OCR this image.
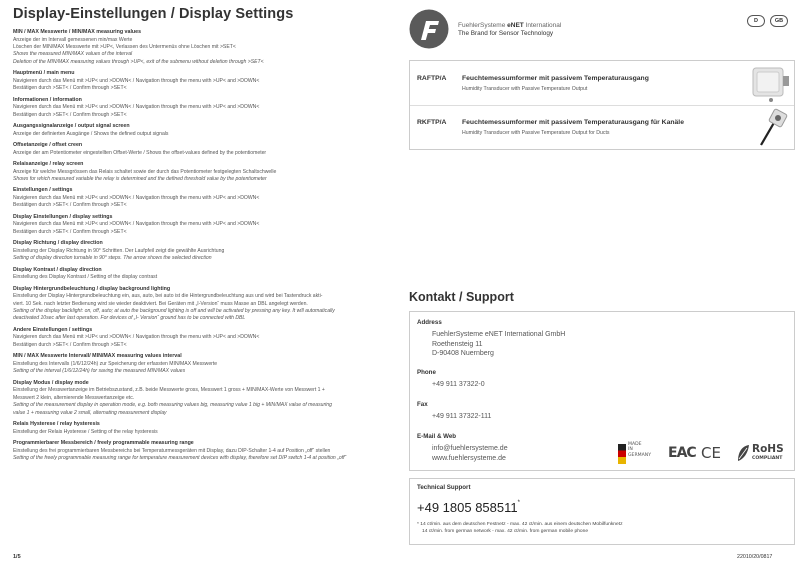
Display-Einstellungen / Display Settings
MIN / MAX Messwerte / MIN/MAX measuring values
Anzeige der im Intervall gemessenen min/max Werte
Löschen der MIN/MAX Messwerte mit >UP<, Verlassen des Untermenüs ohne Löschen mit >SET<
Shows the measured MIN/MAX values of the interval
Deletion of the MIN/MAX measuring values through >UP<, exit of the submenu without deletion through >SET<
Hauptmenü / main menu
Navigieren durch das Menü mit >UP< und >DOWN< / Navigation through the menu with >UP< and >DOWN<
Bestätigen durch >SET< / Confirm through >SET<
Informationen / information
Navigieren durch das Menü mit >UP< und >DOWN< / Navigation through the menu with >UP< and >DOWN<
Bestätigen durch >SET< / Confirm through >SET<
Ausgangssignalanzeige / output signal screen
Anzeige der definierten Ausgänge / Shows the defined output signals
Offsetanzeige / offset creen
Anzeige der am Potentiometer eingestellten Offset-Werte / Shows the offset-values defined by the potentiometer
Relaisanzeige / relay screen
Anzeige für welche Messgrössen das Relais schaltet sowie der durch das Potentiometer festgelegten Schaltschwelle
Shows for which measured variable the relay is determined and the defined threshold value by the potentiometer
Einstellungen / settings
Navigieren durch das Menü mit >UP< und >DOWN< / Navigation through the menu with >UP< and >DOWN<
Bestätigen durch >SET< / Confirm through >SET<
Display Einstellungen / display settings
Navigieren durch das Menü mit >UP< und >DOWN< / Navigation through the menu with >UP< and >DOWN<
Bestätigen durch >SET< / Confirm through >SET<
Display Richtung / display direction
Einstellung der Display Richtung in 90° Schritten. Der Laufpfeil zeigt die gewählte Ausrichtung
Setting of display direction turnable in 90° steps. The arrow shows the selected direction
Display Kontrast / display direction
Einstellung des Display Kontrast / Setting of the display contrast
Display Hintergrundbeleuchtung / display background lighting
Einstellung der Display Hintergrundbeleuchtung ein, aus, auto, bei auto ist die Hintergrundbeleuchtung aus und wird bei Tastendruck akti-
viert. 10 Sek. nach letzter Bedienung wird sie wieder deaktiviert. Bei Geräten mit „I-Version“ muss Masse an DBL angelegt werden.
Setting of the display backlight: on, off, auto; at auto the background lighting is off and will be activated by pressing any key. It will automatically
deactivated 10sec after last operation. For devices of „I- Version“ ground has to be connected with DBL
Andere Einstellungen / settings
Navigieren durch das Menü mit >UP< und >DOWN< / Navigation through the menu with >UP< and >DOWN<
Bestätigen durch >SET< / Confirm through >SET<
MIN / MAX Messwerte Intervall/ MIN/MAX measuring values interval
Einstellung des Intervalls (1/6/12/24h) zur Speicherung der erfassten MIN/MAX Messwerte
Setting of the interval (1/6/12/24h) for saving the measured MIN/MAX values
Display Modus / display mode
Einstellung der Messwertanzeige im Betriebszustand, z.B. beide Messwerte gross, Messwert 1 gross + MIN/MAX-Werte von Messwert 1 +
Messwert 2 klein, alternierende Messwertanzeige etc.
Setting of the measurement display in operation mode, e.g. both measuring values big, measuring value 1 big + MIN/MAX value of measuring
value 1 + measuring value 2 small, alternating measurement display
Relais Hysterese / relay hysteresis
Einstellung der Relais Hysterese / Setting of the relay hysteresis
Programmierbarer Messbereich / freely programmable measuring range
Einstellung des frei programmierbaren Messbereichs bei Temperaturmessgeräten mit Display, dazu DIP-Schalter 1-4 auf Position „off“ stellen
Setting of the freely programmable measuring range for temperature measurement devices with display, therefore set DIP switch 1-4 at position „off“
1/5	22010/20/0817
FuehlerSysteme eNET International
The Brand for Sensor Technology
D	GB
RAFTP/A Feuchtemessumformer mit passivem Temperaturausgang
Humidity Transducer with Passive Temperature Output
RKFTP/A Feuchtemessumformer mit passivem Temperaturausgang für Kanäle
Humidity Transducer with Passive Temperature Output for Ducts
Kontakt / Support
Address
FuehlerSysteme eNET International GmbH
Roethensteig 11
D-90408 Nuernberg
Phone
+49 911 37322-0
Fax
+49 911 37322-111
E-Mail & Web
info@fuehlersysteme.de
www.fuehlersysteme.de
MADE
IN
GERMANY EAC CE	RoHS
COMPLIANT
Technical Support
+49 1805 858511*
* 14 ct/min. aus dem deutschen Festnetz - max. 42 ct/min. aus einem deutschen Mobilfunknetz
14 ct/min. from german network - max. 42 ct/min. from german mobile phone
